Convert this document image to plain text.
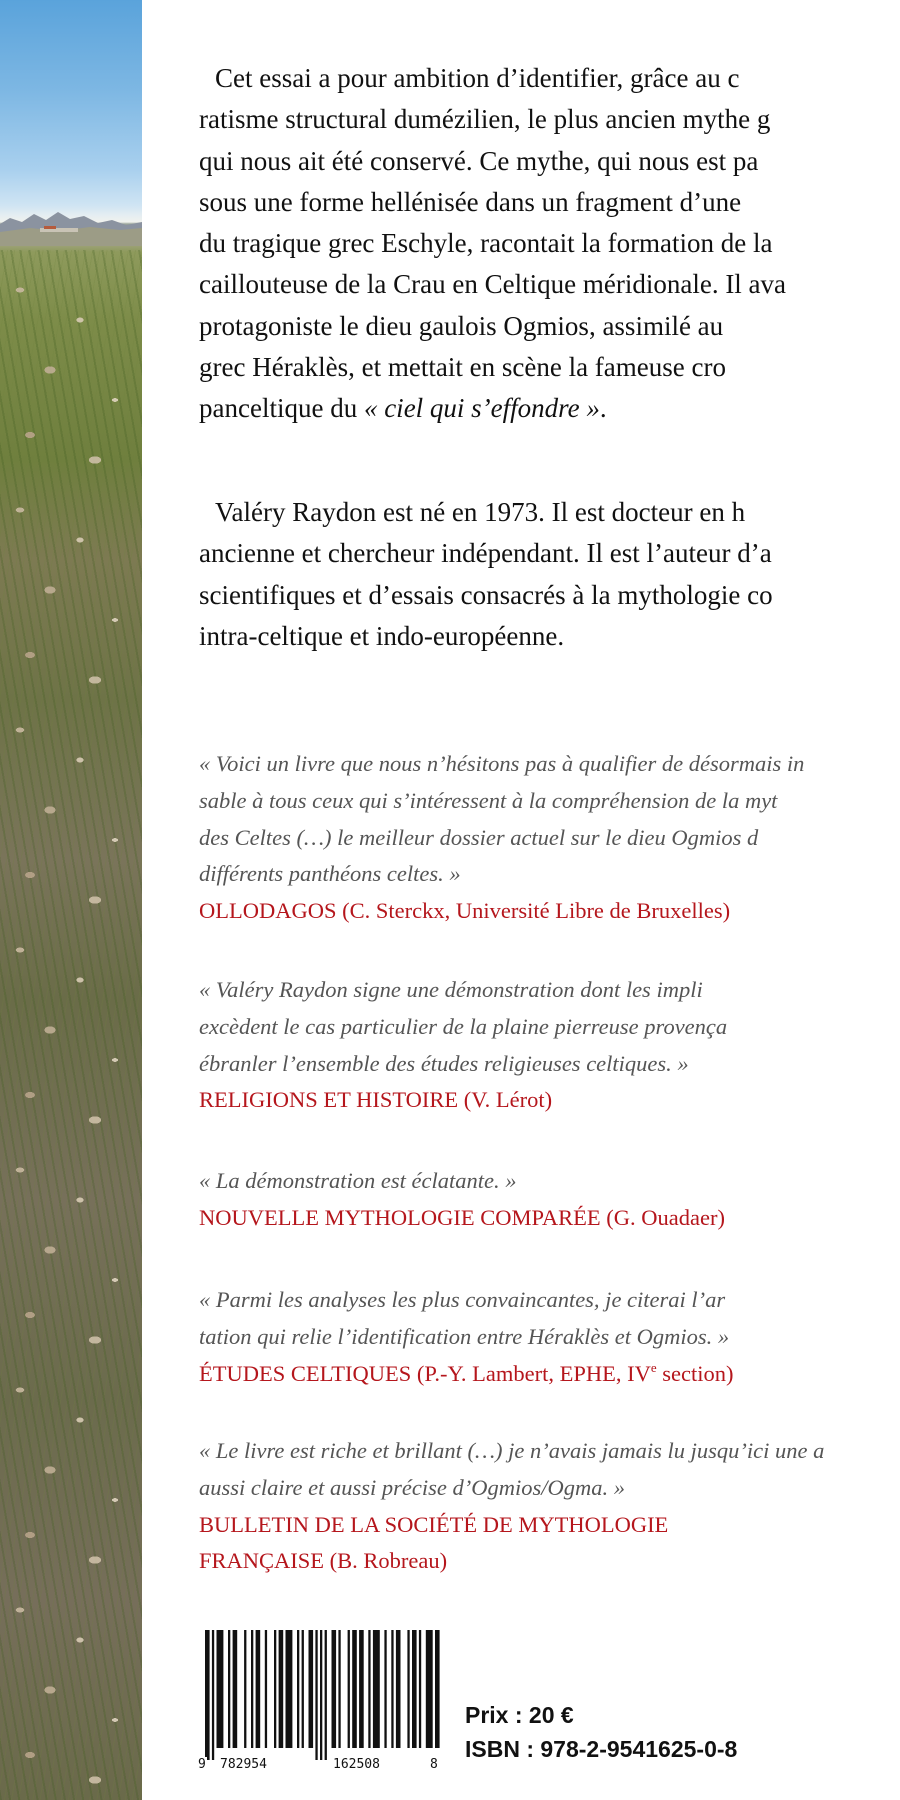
Cet essai a pour ambition d’identifier, grâce au c
ratisme structural dumézilien, le plus ancien mythe g
qui nous ait été conservé. Ce mythe, qui nous est pa
sous une forme hellénisée dans un fragment d’une
du tragique grec Eschyle, racontait la formation de la
caillouteuse de la Crau en Celtique méridionale. Il ava
protagoniste le dieu gaulois Ogmios, assimilé au
grec Héraklès, et mettait en scène la fameuse cro
panceltique du « ciel qui s’effondre ».

Valéry Raydon est né en 1973. Il est docteur en h
ancienne et chercheur indépendant. Il est l’auteur d’a
scientifiques et d’essais consacrés à la mythologie co
intra-celtique et indo-européenne.

« Voici un livre que nous n’hésitons pas à qualifier de désormais in
sable à tous ceux qui s’intéressent à la compréhension de la myt
des Celtes (…) le meilleur dossier actuel sur le dieu Ogmios d
différents panthéons celtes. »
OLLODAGOS (C. Sterckx, Université Libre de Bruxelles)
« Valéry Raydon signe une démonstration dont les impli
excèdent le cas particulier de la plaine pierreuse provença
ébranler l’ensemble des études religieuses celtiques. »
RELIGIONS ET HISTOIRE (V. Lérot)
« La démonstration est éclatante. »
NOUVELLE MYTHOLOGIE COMPARÉE (G. Ouadaer)
« Parmi les analyses les plus convaincantes, je citerai l’ar
tation qui relie l’identification entre Héraklès et Ogmios. »
ÉTUDES CELTIQUES (P.-Y. Lambert, EPHE, IVe section)
« Le livre est riche et brillant (…) je n’avais jamais lu jusqu’ici une a
aussi claire et aussi précise d’Ogmios/Ogma. »
BULLETIN DE LA SOCIÉTÉ DE MYTHOLOGIE
FRANÇAISE (B. Robreau)
9 782954	162508	8
Prix : 20 €
ISBN : 978-2-9541625-0-8
